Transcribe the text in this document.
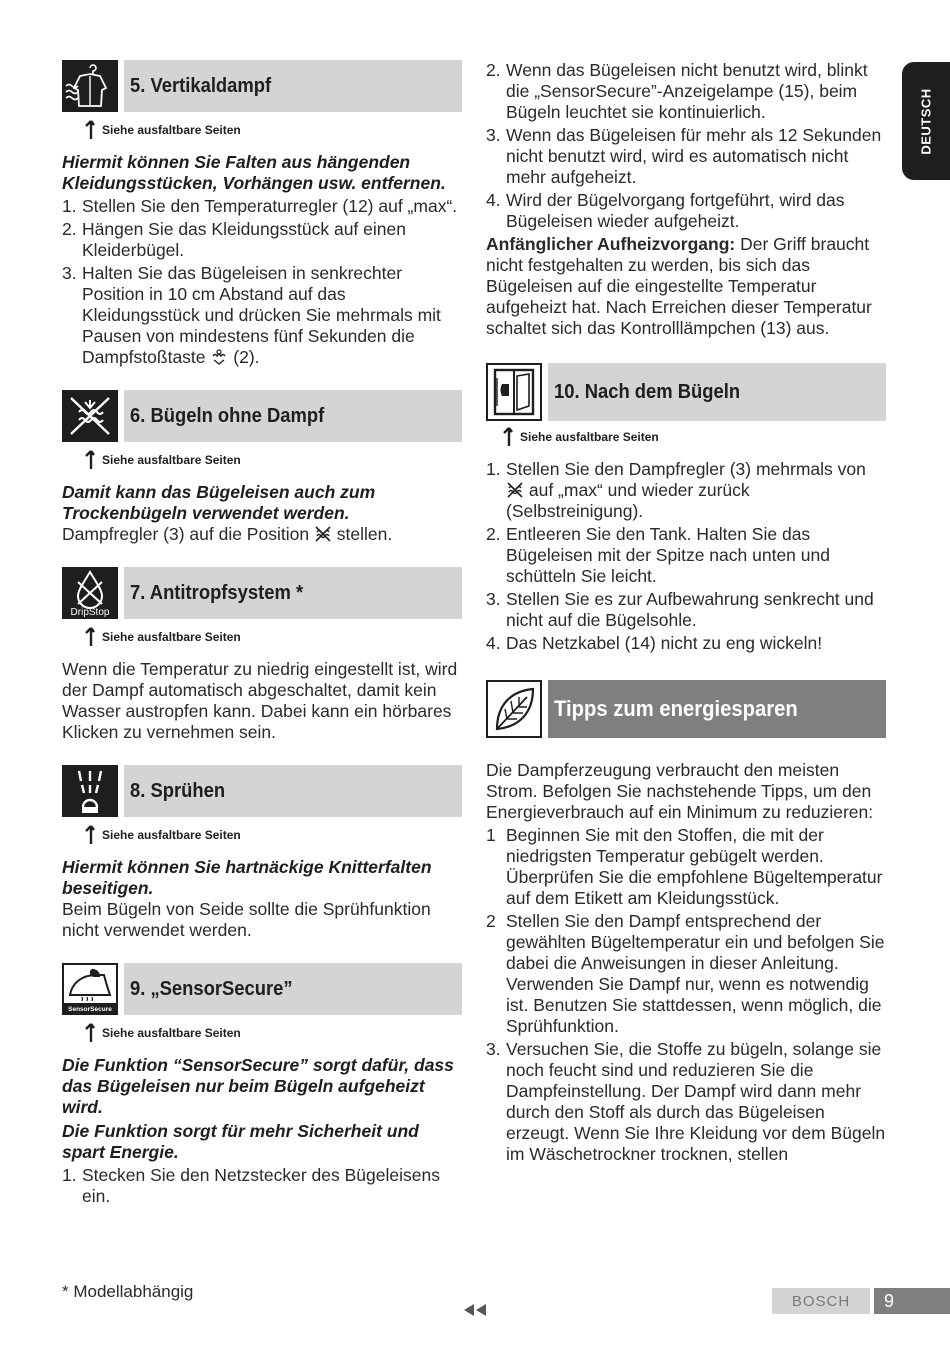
DEUTSCH
5. Vertikaldampf
Siehe ausfaltbare Seiten

Hiermit können Sie Falten aus hängenden Kleidungsstücken, Vorhängen usw. entfernen.

1. Stellen Sie den Temperaturregler (12) auf „max“.
2. Hängen Sie das Kleidungsstück auf einen Kleiderbügel.
3. Halten Sie das Bügeleisen in senkrechter Position in 10 cm Abstand auf das Kleidungsstück und drücken Sie mehrmals mit Pausen von mindestens fünf Sekunden die Dampfstoßtaste  (2).
6. Bügeln ohne Dampf
Siehe ausfaltbare Seiten

Damit kann das Bügeleisen auch zum Trockenbügeln verwendet werden.

Dampfregler (3) auf die Position  stellen.

DripStop
7. Antitropfsystem *
Siehe ausfaltbare Seiten

Wenn die Temperatur zu niedrig eingestellt ist, wird der Dampf automatisch abgeschaltet, damit kein Wasser austropfen kann. Dabei kann ein hörbares Klicken zu vernehmen sein.

8. Sprühen
Siehe ausfaltbare Seiten

Hiermit können Sie hartnäckige Knitterfalten beseitigen.

Beim Bügeln von Seide sollte die Sprühfunktion nicht verwendet werden.

SensorSecure
9. „SensorSecure”
Siehe ausfaltbare Seiten

Die Funktion “SensorSecure” sorgt dafür, dass das Bügeleisen nur beim Bügeln aufgeheizt wird.

Die Funktion sorgt für mehr Sicherheit und spart Energie.

1. Stecken Sie den Netzstecker des Bügeleisens ein.
2. Wenn das Bügeleisen nicht benutzt wird, blinkt die „SensorSecure”-Anzeigelampe (15), beim Bügeln leuchtet sie kontinuierlich.
3. Wenn das Bügeleisen für mehr als 12 Sekunden nicht benutzt wird, wird es automatisch nicht mehr aufgeheizt.
4. Wird der Bügelvorgang fortgeführt, wird das Bügeleisen wieder aufgeheizt.

Anfänglicher Aufheizvorgang: Der Griff braucht nicht festgehalten zu werden, bis sich das Bügeleisen auf die eingestellte Temperatur aufgeheizt hat. Nach Erreichen dieser Temperatur schaltet sich das Kontrolllämpchen (13) aus.

10. Nach dem Bügeln
Siehe ausfaltbare Seiten
1. Stellen Sie den Dampfregler (3) mehrmals von  auf „max“ und wieder zurück (Selbstreinigung).
2. Entleeren Sie den Tank. Halten Sie das Bügeleisen mit der Spitze nach unten und schütteln Sie leicht.
3. Stellen Sie es zur Aufbewahrung senkrecht und nicht auf die Bügelsohle.
4. Das Netzkabel (14) nicht zu eng wickeln!
Tipps zum energiesparen

Die Dampferzeugung verbraucht den meisten Strom. Befolgen Sie nachstehende Tipps, um den Energieverbrauch auf ein Minimum zu reduzieren:

1 Beginnen Sie mit den Stoffen, die mit der niedrigsten Temperatur gebügelt werden. Überprüfen Sie die empfohlene Bügeltemperatur auf dem Etikett am Kleidungsstück.
2 Stellen Sie den Dampf entsprechend der gewählten Bügeltemperatur ein und befolgen Sie dabei die Anweisungen in dieser Anleitung. Verwenden Sie Dampf nur, wenn es notwendig ist. Benutzen Sie stattdessen, wenn möglich, die Sprühfunktion.
3. Versuchen Sie, die Stoffe zu bügeln, solange sie noch feucht sind und reduzieren Sie die Dampfeinstellung. Der Dampf wird dann mehr durch den Stoff als durch das Bügeleisen erzeugt. Wenn Sie Ihre Kleidung vor dem Bügeln im Wäschetrockner trocknen, stellen
* Modellabhängig	BOSCH	9
